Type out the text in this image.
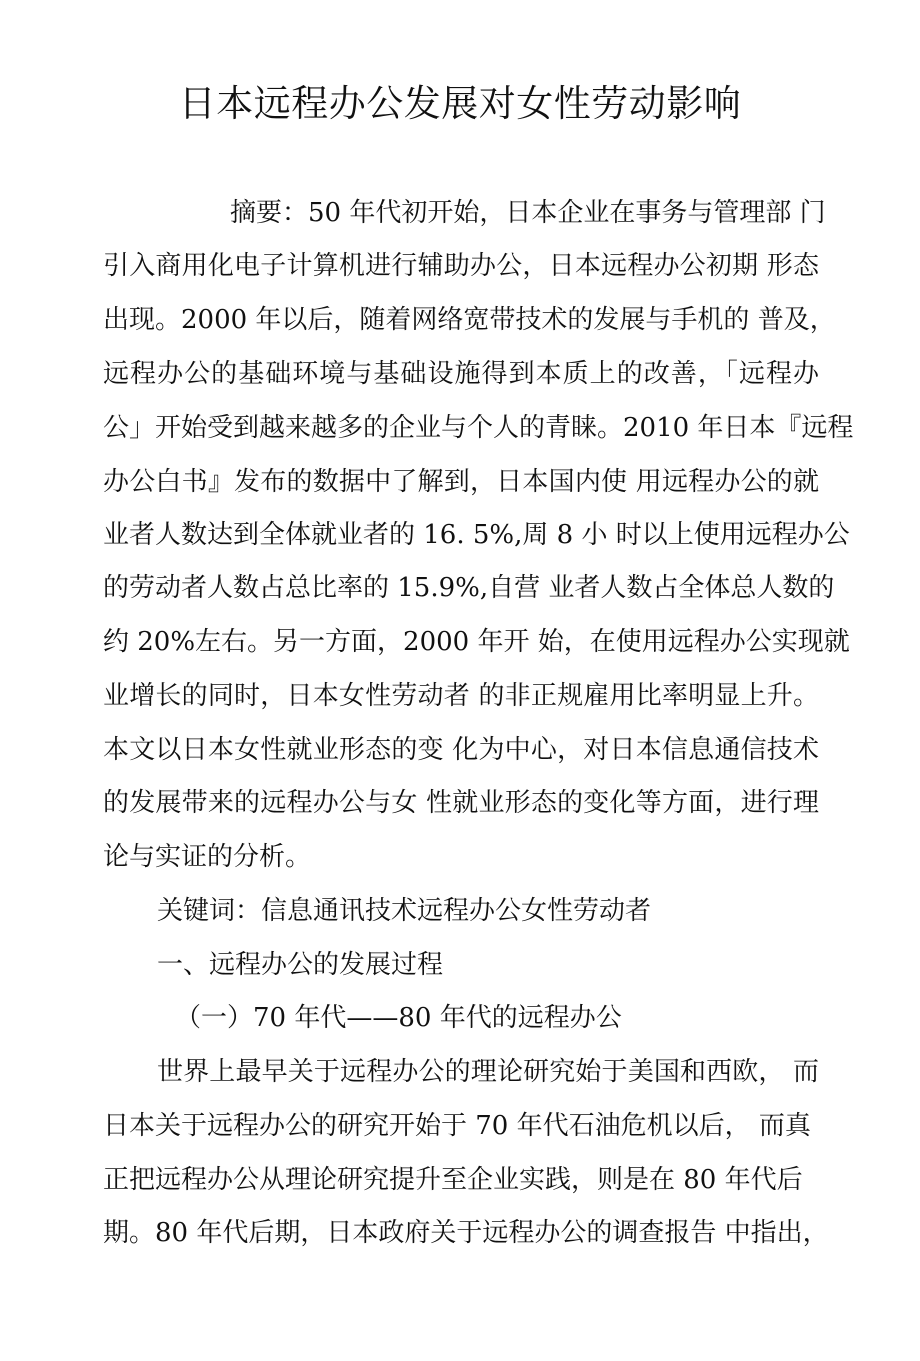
日本远程办公发展对女性劳动影响
摘要：50 年代初开始，日本企业在事务与管理部 门
引入商用化电子计算机进行辅助办公，日本远程办公初期 形态
出现。2000 年以后，随着网络宽带技术的发展与手机的 普及，
远程办公的基础环境与基础设施得到本质上的改善，「远程办
公」开始受到越来越多的企业与个人的青睐。2010 年日本『远程
办公白书』发布的数据中了解到，日本国内使 用远程办公的就
业者人数达到全体就业者的 16. 5%,周 8 小 时以上使用远程办公
的劳动者人数占总比率的 15.9%,自营 业者人数占全体总人数的
约 20%左右。另一方面，2000 年开 始，在使用远程办公实现就
业增长的同时，日本女性劳动者 的非正规雇用比率明显上升。
本文以日本女性就业形态的变 化为中心，对日本信息通信技术
的发展带来的远程办公与女 性就业形态的变化等方面，进行理
论与实证的分析。
关键词：信息通讯技术远程办公女性劳动者
一、远程办公的发展过程
（一）70 年代——80 年代的远程办公
世界上最早关于远程办公的理论研究始于美国和西欧， 而
日本关于远程办公的研究开始于 70 年代石油危机以后， 而真
正把远程办公从理论研究提升至企业实践，则是在 80 年代后
期。80 年代后期，日本政府关于远程办公的调查报告 中指出，
